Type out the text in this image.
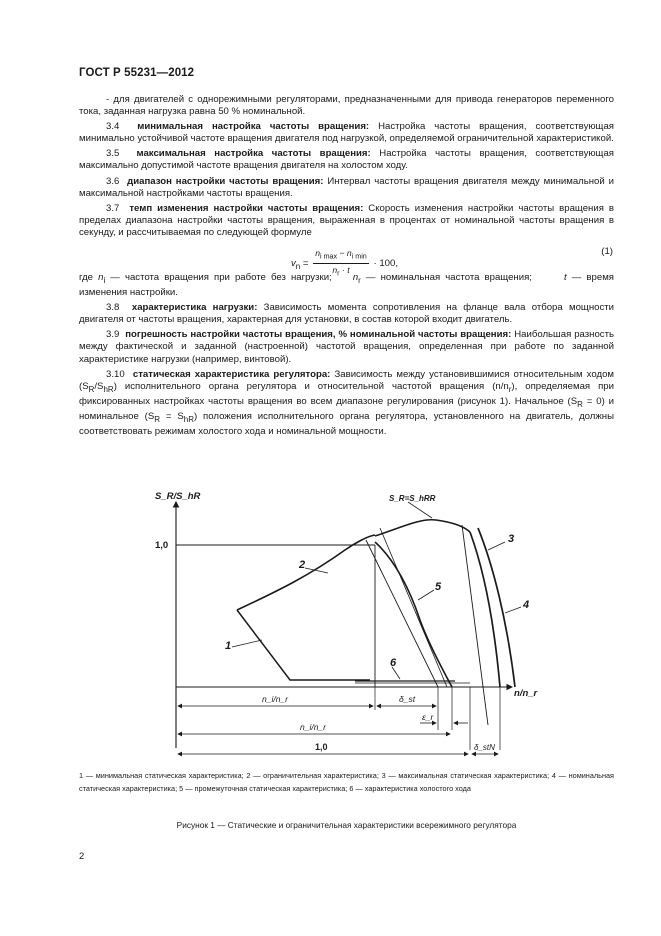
ГОСТ Р 55231—2012

- для двигателей с однорежимными регуляторами, предназначенными для привода генераторов переменного тока, заданная нагрузка равна 50 % номинальной.

3.4 минимальная настройка частоты вращения: Настройка частоты вращения, соответствующая минимально устойчивой частоте вращения двигателя под нагрузкой, определяемой ограничительной характеристикой.

3.5 максимальная настройка частоты вращения: Настройка частоты вращения, соответствующая максимально допустимой частоте вращения двигателя на холостом ходу.

3.6 диапазон настройки частоты вращения: Интервал частоты вращения двигателя между минимальной и максимальной настройками частоты вращения.

3.7 темп изменения настройки частоты вращения: Скорость изменения настройки частоты вращения в пределах диапазона настройки частоты вращения, выраженная в процентах от номинальной частоты вращения в секунду, и рассчитываемая по следующей формуле

$v_n = \frac{n_{i max} - n_{i min}}{n_r \cdot t} \cdot 100$,
(1)

где $n_i$ — частота вращения при работе без нагрузки; $n_r$ — номинальная частота вращения;	t — время изменения настройки.

3.8 характеристика нагрузки: Зависимость момента сопротивления на фланце вала отбора мощности двигателя от частоты вращения, характерная для установки, в состав которой входит двигатель.

3.9 погрешность настройки частоты вращения, % номинальной частоты вращения: Наибольшая разность между фактической и заданной (настроенной) частотой вращения, определенная при работе по заданной характеристике нагрузки (например, винтовой).

3.10 статическая характеристика регулятора: Зависимость между установившимися относительным ходом $(S_R/S_{hR})$ исполнительного органа регулятора и относительной частотой вращения $(n/n_r)$, определяемая при фиксированных настройках частоты вращения во всем диапазоне регулирования (рисунок 1). Начальное $(S_R = 0)$ и номинальное $(S_R = S_{hR})$ положения исполнительного органа регулятора, установленного на двигатель, должны соответствовать режимам холостого хода и номинальной мощности.

S_R/S_hR
1,0
n/n_r
S_R=S_hRR
1
2
3
4
5
6
n_i/n_r	δ_st
ε_r
n_i/n_r
1,0	δ_stN
1 — минимальная статическая характеристика; 2 — ограничительная характеристика; 3 — максимальная статическая характеристика; 4 — номинальная статическая характеристика; 5 — промежуточная статическая характеристика; 6 — характеристика холостого хода
Рисунок 1 — Статические и ограничительная характеристики всережимного регулятора
2
